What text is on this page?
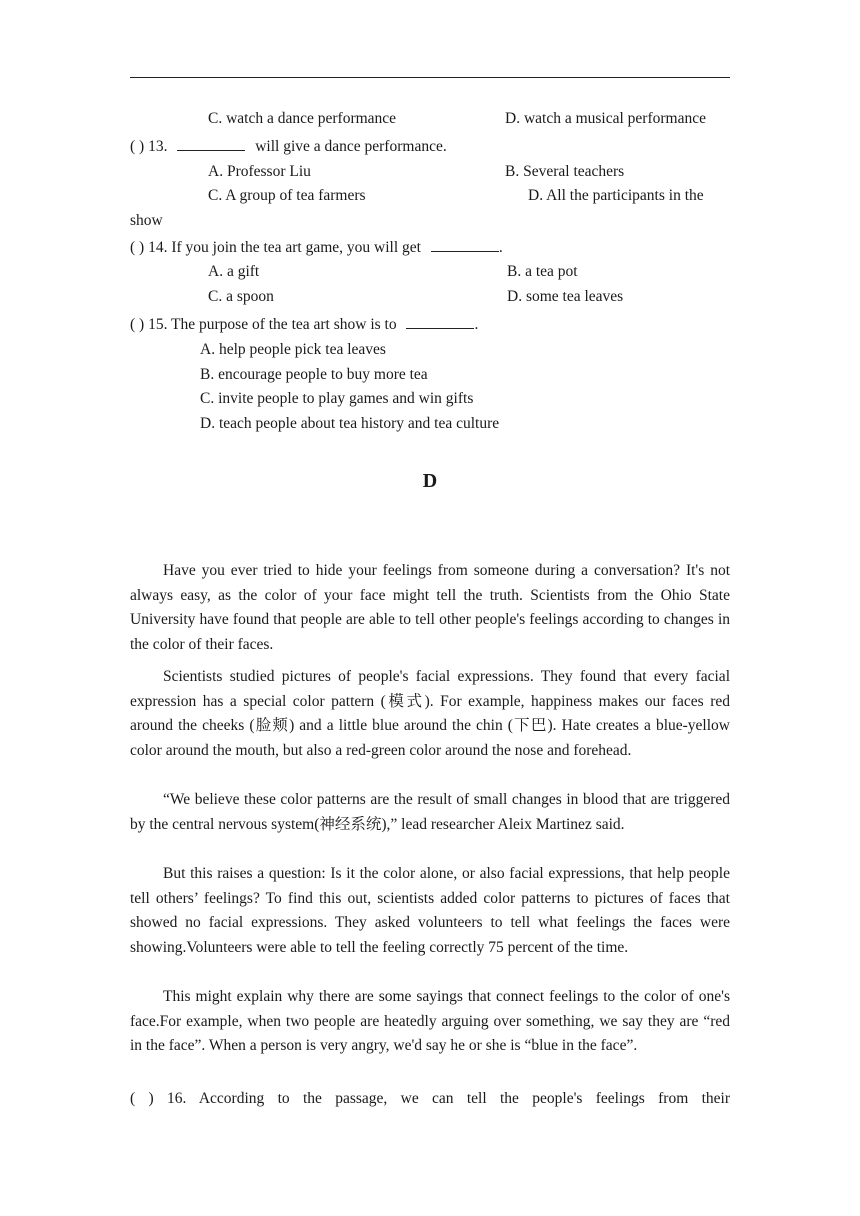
C. watch a dance performance	D. watch a musical performance
( ) 13.	will give a dance performance.
A. Professor Liu	B. Several teachers
C. A group of tea farmers	D. All the participants in the
show
( ) 14. If you join the tea art game, you will get	.
A. a gift	B. a tea pot
C. a spoon	D. some tea leaves
( ) 15. The purpose of the tea art show is to	.
A. help people pick tea leaves
B. encourage people to buy more tea
C. invite people to play games and win gifts
D. teach people about tea history and tea culture
D

Have you ever tried to hide your feelings from someone during a conversation? It's not always easy, as the color of your face might tell the truth. Scientists from the Ohio State University have found that people are able to tell other people's feelings according to changes in the color of their faces.

Scientists studied pictures of people's facial expressions. They found that every facial expression has a special color pattern (模式). For example, happiness makes our faces red around the cheeks (脸颊) and a little blue around the chin (下巴). Hate creates a blue-yellow color around the mouth, but also a red-green color around the nose and forehead.

“We believe these color patterns are the result of small changes in blood that are triggered by the central nervous system(神经系统),” lead researcher Aleix Martinez said.

But this raises a question: Is it the color alone, or also facial expressions, that help people tell others’ feelings? To find this out, scientists added color patterns to pictures of faces that showed no facial expressions. They asked volunteers to tell what feelings the faces were showing.Volunteers were able to tell the feeling correctly 75 percent of the time.

This might explain why there are some sayings that connect feelings to the color of one's face.For example, when two people are heatedly arguing over something, we say they are “red in the face”. When a person is very angry, we'd say he or she is “blue in the face”.

( ) 16. According to the passage, we can tell the people's feelings from their
